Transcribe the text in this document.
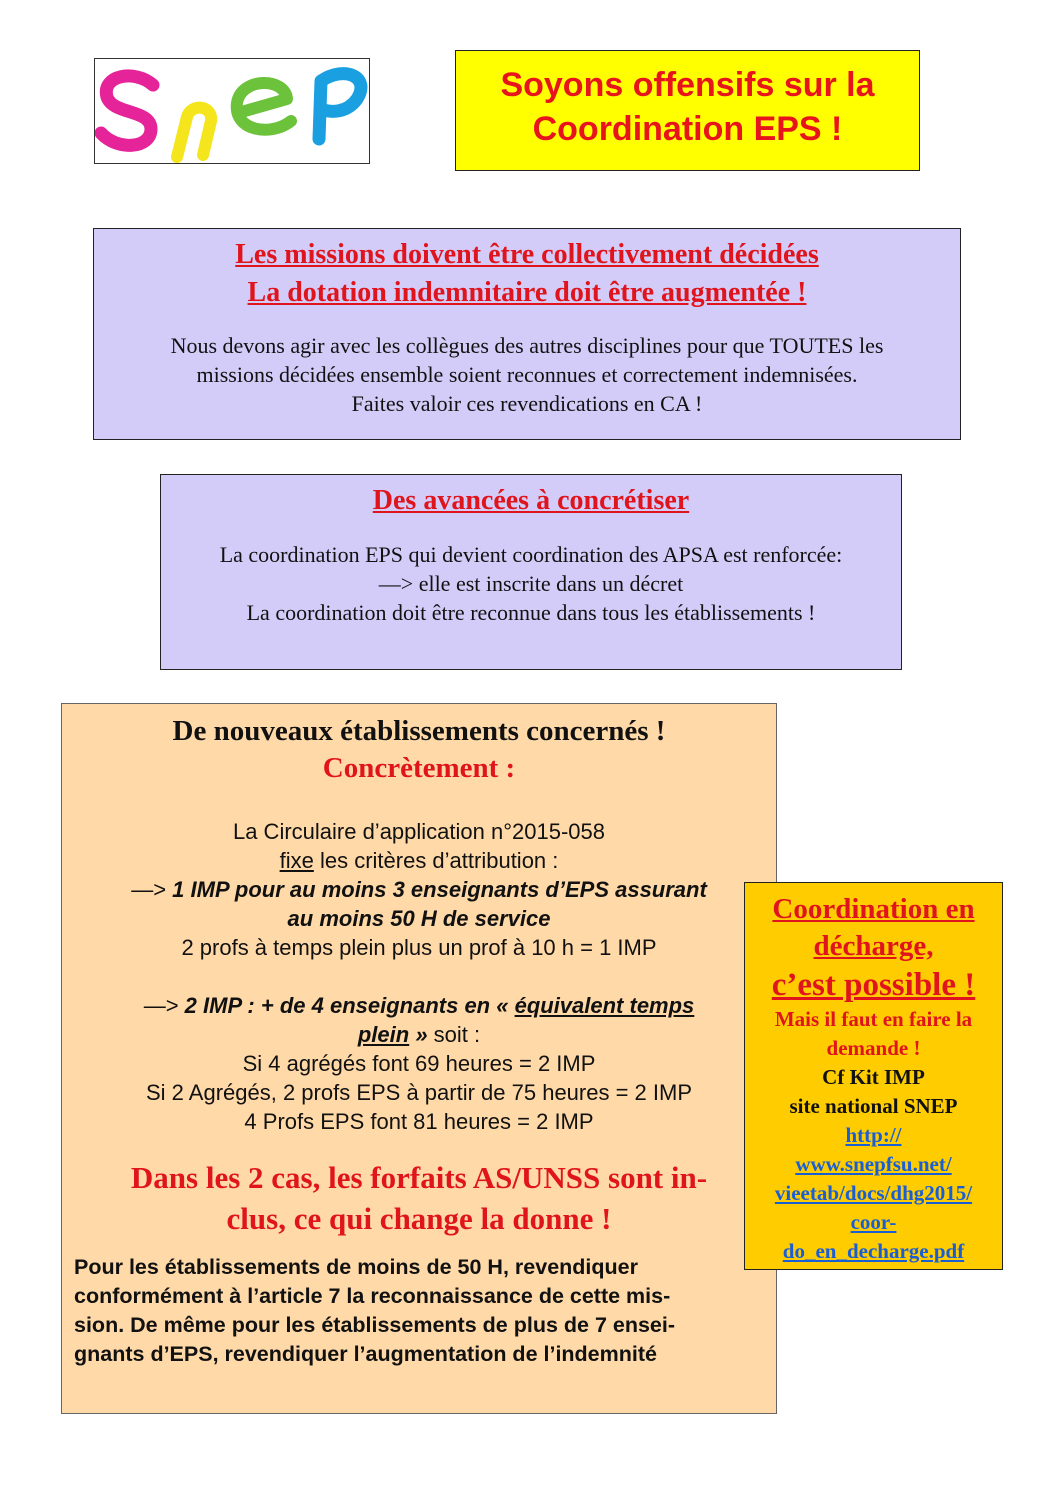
Soyons offensifs sur la
Coordination EPS !
Les missions doivent être collectivement décidées
La dotation indemnitaire doit être augmentée !
Nous devons agir avec les collègues des autres disciplines pour que TOUTES les
missions décidées ensemble soient reconnues et correctement indemnisées.
Faites valoir ces revendications en CA !
Des avancées à concrétiser
La coordination EPS qui devient coordination des APSA est renforcée:
—> elle est inscrite dans un décret
La coordination doit être reconnue dans tous les établissements !
De nouveaux établissements concernés !
Concrètement :
La Circulaire d’application n°2015-058
fixe les critères d’attribution :
—> 1 IMP pour au moins 3 enseignants d’EPS assurant
au moins 50 H de service
2 profs à temps plein plus un prof à 10 h = 1 IMP
—> 2 IMP : + de 4 enseignants en « équivalent temps
plein » soit :
Si 4 agrégés font 69 heures = 2 IMP
Si 2 Agrégés, 2 profs EPS à partir de 75 heures = 2 IMP
4 Profs EPS font 81 heures = 2 IMP
Dans les 2 cas, les forfaits AS/UNSS sont in-
clus, ce qui change la donne !
Pour les établissements de moins de 50 H, revendiquer
conformément à l’article 7 la reconnaissance de cette mis-
sion. De même pour les établissements de plus de 7 ensei-
gnants d’EPS, revendiquer l’augmentation de l’indemnité
Coordination en
décharge,
c’est possible !
Mais il faut en faire la
demande !
Cf Kit IMP
site national SNEP
http://
www.snepfsu.net/
vieetab/docs/dhg2015/
coor-
do_en_decharge.pdf
